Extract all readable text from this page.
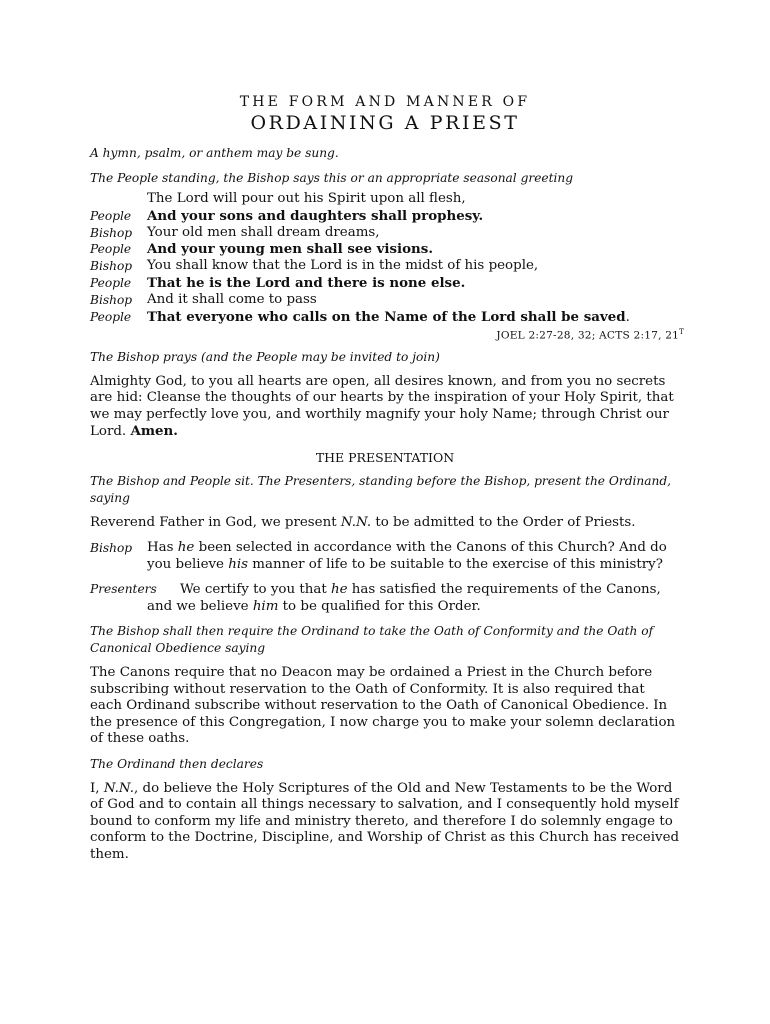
THE FORM AND MANNER OF
ORDAINING A PRIEST

A hymn, psalm, or anthem may be sung.

The People standing, the Bishop says this or an appropriate seasonal greeting

The Lord will pour out his Spirit upon all flesh,
People	And your sons and daughters shall prophesy.
Bishop	Your old men shall dream dreams,
People	And your young men shall see visions.
Bishop	You shall know that the Lord is in the midst of his people,
People	That he is the Lord and there is none else.
Bishop	And it shall come to pass
People	That everyone who calls on the Name of the Lord shall be saved.
JOEL 2:27-28, 32; ACTS 2:17, $21^T$

The Bishop prays (and the People may be invited to join)

Almighty God, to you all hearts are open, all desires known, and from you no secrets are hid: Cleanse the thoughts of our hearts by the inspiration of your Holy Spirit, that we may perfectly love you, and worthily magnify your holy Name; through Christ our Lord. Amen.

THE PRESENTATION

The Bishop and People sit. The Presenters, standing before the Bishop, present the Ordinand, saying

Reverend Father in God, we present N.N. to be admitted to the Order of Priests.

Bishop	Has he been selected in accordance with the Canons of this Church? And do you believe his manner of life to be suitable to the exercise of this ministry?

Presenters We certify to you that he has satisfied the requirements of the Canons, and we believe him to be qualified for this Order.

The Bishop shall then require the Ordinand to take the Oath of Conformity and the Oath of Canonical Obedience saying

The Canons require that no Deacon may be ordained a Priest in the Church before subscribing without reservation to the Oath of Conformity. It is also required that each Ordinand subscribe without reservation to the Oath of Canonical Obedience. In the presence of this Congregation, I now charge you to make your solemn declaration of these oaths.

The Ordinand then declares

I, N.N., do believe the Holy Scriptures of the Old and New Testaments to be the Word of God and to contain all things necessary to salvation, and I consequently hold myself bound to conform my life and ministry thereto, and therefore I do solemnly engage to conform to the Doctrine, Discipline, and Worship of Christ as this Church has received them.
